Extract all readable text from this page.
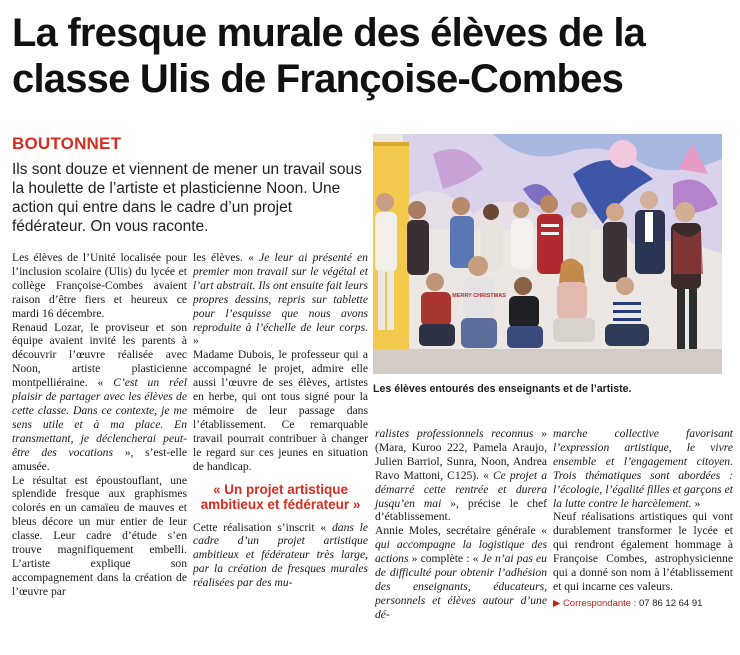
La fresque murale des élèves de la classe Ulis de Françoise-Combes
BOUTONNET
Ils sont douze et viennent de mener un travail sous la houlette de l’artiste et plasticienne Noon. Une action qui entre dans le cadre d’un projet fédérateur. On vous raconte.

Les élèves de l’Unité localisée pour l’inclusion scolaire (Ulis) du lycée et collège Françoise-Combes avaient raison d’être fiers et heureux ce mardi 16 décembre.

Renaud Lozar, le proviseur et son équipe avaient invité les parents à découvrir l’œuvre réalisée avec Noon, artiste plasticienne montpelliéraine. « C’est un réel plaisir de partager avec les élèves de cette classe. Dans ce contexte, je me sens utile et à ma place. En transmettant, je déclencherai peut-être des vocations », s’est-elle amusée.

Le résultat est époustouflant, une splendide fresque aux graphismes colorés en un camaïeu de mauves et bleus décore un mur entier de leur classe. Leur cadre d’étude s’en trouve magnifiquement embelli. L’artiste explique son accompagnement dans la création de l’œuvre par

les élèves. « Je leur ai présenté en premier mon travail sur le végétal et l’art abstrait. Ils ont ensuite fait leurs propres dessins, repris sur tablette pour l’esquisse que nous avons reproduite à l’échelle de leur corps. »

Madame Dubois, le professeur qui a accompagné le projet, admire elle aussi l’œuvre de ses élèves, artistes en herbe, qui ont tous signé pour la mémoire de leur passage dans l’établissement. Ce remarquable travail pourrait contribuer à changer le regard sur ces jeunes en situation de handicap.

« Un projet artistique ambitieux et fédérateur »

Cette réalisation s’inscrit « dans le cadre d’un projet artistique ambitieux et fédérateur très large, par la création de fresques murales réalisées par des mu-

MERRY CHRISTMAS
Les élèves entourés des enseignants et de l’artiste.

ralistes professionnels reconnus » (Mara, Kuroo 222, Pamela Araujo, Julien Barriol, Sunra, Noon, Andrea Ravo Mattoni, C125). « Ce projet a démarré cette rentrée et durera jusqu’en mai », précise le chef d’établissement.

Annie Moles, secrétaire générale « qui accompagne la logistique des actions » complète : « Je n’ai pas eu de difficulté pour obtenir l’adhésion des enseignants, éducateurs, personnels et élèves autour d’une dé-

marche collective favorisant l’expression artistique, le vivre ensemble et l’engagement citoyen. Trois thématiques sont abordées : l’écologie, l’égalité filles et garçons et la lutte contre le harcèlement. »

Neuf réalisations artistiques qui vont durablement transformer le lycée et qui rendront également hommage à Françoise Combes, astrophysicienne qui a donné son nom à l’établissement et qui incarne ces valeurs.

▶ Correspondante : 07 86 12 64 91
